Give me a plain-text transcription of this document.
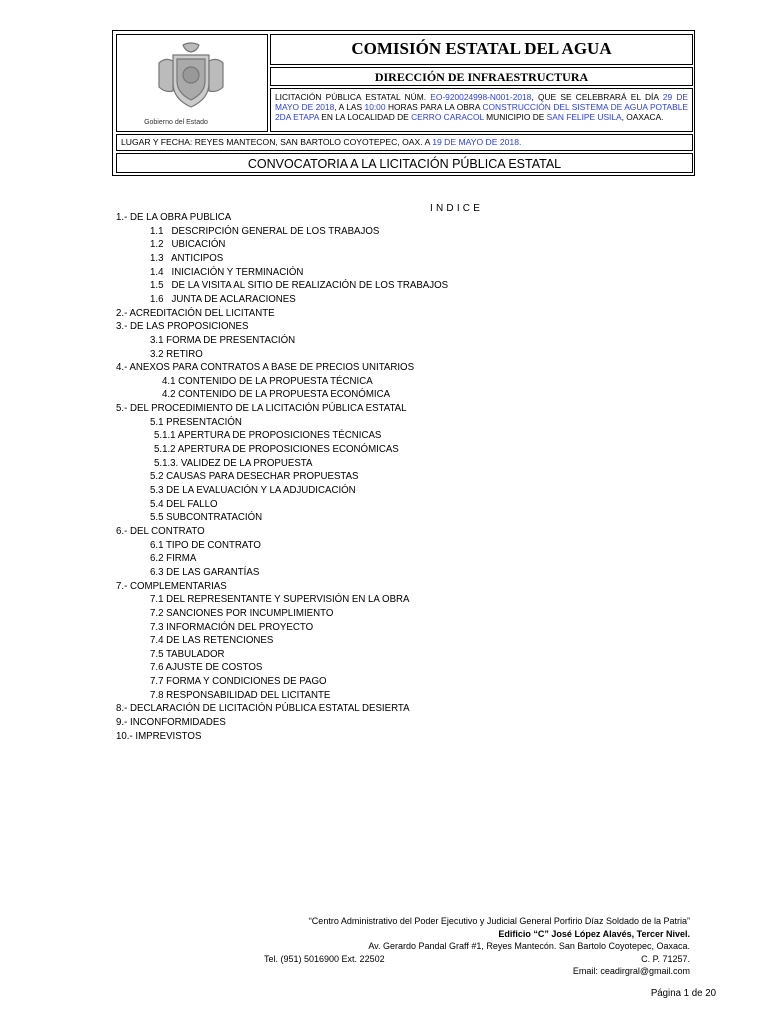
Gobierno del Estado
COMISIÓN ESTATAL DEL AGUA
DIRECCIÓN DE INFRAESTRUCTURA
LICITACIÓN PÚBLICA ESTATAL NÚM. EO-920024998-N001-2018, QUE SE CELEBRARÁ EL DÍA 29 DE MAYO DE 2018, A LAS 10:00 HORAS PARA LA OBRA CONSTRUCCIÓN DEL SISTEMA DE AGUA POTABLE 2DA ETAPA EN LA LOCALIDAD DE CERRO CARACOL MUNICIPIO DE SAN FELIPE USILA, OAXACA.
LUGAR Y FECHA: REYES MANTECON, SAN BARTOLO COYOTEPEC, OAX. A 19 DE MAYO DE 2018.
CONVOCATORIA A LA LICITACIÓN PÚBLICA ESTATAL
INDICE
1.- DE LA OBRA PUBLICA
1.1   DESCRIPCIÓN GENERAL DE LOS TRABAJOS
1.2   UBICACIÓN
1.3   ANTICIPOS
1.4   INICIACIÓN Y TERMINACIÓN
1.5   DE LA VISITA AL SITIO DE REALIZACIÓN DE LOS TRABAJOS
1.6   JUNTA DE ACLARACIONES
2.- ACREDITACIÓN DEL LICITANTE
3.- DE LAS PROPOSICIONES
3.1 FORMA DE PRESENTACIÓN
3.2 RETIRO
4.- ANEXOS PARA CONTRATOS A BASE DE PRECIOS UNITARIOS
4.1 CONTENIDO DE LA PROPUESTA TÉCNICA
4.2 CONTENIDO DE LA PROPUESTA ECONÓMICA
5.- DEL PROCEDIMIENTO DE LA LICITACIÓN PÚBLICA ESTATAL
5.1 PRESENTACIÓN
5.1.1 APERTURA DE PROPOSICIONES TÉCNICAS
5.1.2 APERTURA DE PROPOSICIONES ECONÓMICAS
5.1.3. VALIDEZ DE LA PROPUESTA
5.2 CAUSAS PARA DESECHAR PROPUESTAS
5.3 DE LA EVALUACIÓN Y LA ADJUDICACIÓN
5.4 DEL FALLO
5.5 SUBCONTRATACIÓN
6.- DEL CONTRATO
6.1 TIPO DE CONTRATO
6.2 FIRMA
6.3 DE LAS GARANTÍAS
7.- COMPLEMENTARIAS
7.1 DEL REPRESENTANTE Y SUPERVISIÓN EN LA OBRA
7.2 SANCIONES POR INCUMPLIMIENTO
7.3 INFORMACIÓN DEL PROYECTO
7.4 DE LAS RETENCIONES
7.5 TABULADOR
7.6 AJUSTE DE COSTOS
7.7 FORMA Y CONDICIONES DE PAGO
7.8 RESPONSABILIDAD DEL LICITANTE
8.- DECLARACIÓN DE LICITACIÓN PÚBLICA ESTATAL DESIERTA
9.- INCONFORMIDADES
10.- IMPREVISTOS
“Centro Administrativo del Poder Ejecutivo y Judicial General Porfirio Díaz Soldado de la Patria”
Edificio “C” José López Alavés, Tercer Nivel.
Av. Gerardo Pandal Graff #1, Reyes Mantecón. San Bartolo Coyotepec, Oaxaca.
C. P. 71257.
Email: ceadirgral@gmail.com
Tel. (951) 5016900 Ext. 22502
Página 1 de 20
